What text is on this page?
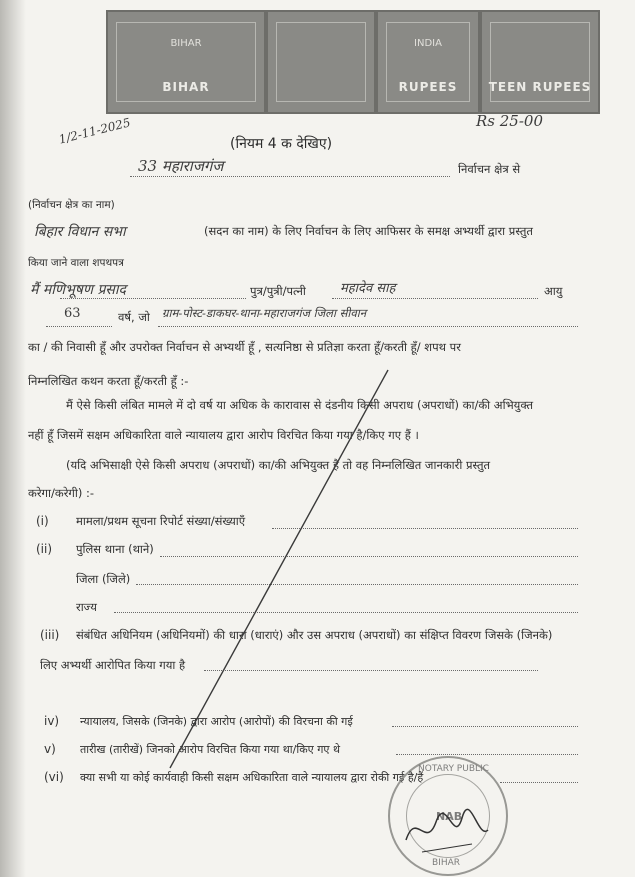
BIHAR
BIHAR
INDIA
RUPEES	TEEN RUPEES
Rs 25-00
1/2-11-2025	(नियम 4 क देखिए)
33 महाराजगंज	निर्वाचन क्षेत्र से
(निर्वाचन क्षेत्र का नाम)
बिहार विधान सभा	(सदन का नाम) के लिए निर्वाचन के लिए आफिसर के समक्ष अभ्यर्थी द्वारा प्रस्तुत
किया जाने वाला शपथपत्र
मैं मणिभूषण प्रसाद	पुत्र/पुत्री/पत्नी	महादेव साह	आयु
63	वर्ष, जो ग्राम-पोस्ट-डाकघर-थाना-महाराजगंज जिला सीवान
का / की निवासी हूँ और उपरोक्त निर्वाचन से अभ्यर्थी हूँ , सत्यनिष्ठा से प्रतिज्ञा करता हूँ/करती हूँ/ शपथ पर
निम्नलिखित कथन करता हूँ/करती हूँ :-
मैं ऐसे किसी लंबित मामले में दो वर्ष या अधिक के कारावास से दंडनीय किसी अपराध (अपराधों) का/की अभियुक्त
नहीं हूँ जिसमें सक्षम अधिकारिता वाले न्यायालय द्वारा आरोप विरचित किया गया है/किए गए हैं ।
(यदि अभिसाक्षी ऐसे किसी अपराध (अपराधों) का/की अभियुक्त है तो वह निम्नलिखित जानकारी प्रस्तुत
करेगा/करेगी) :-
(i) मामला/प्रथम सूचना रिपोर्ट संख्या/संख्याएँ
(ii) पुलिस थाना (थाने)
जिला (जिले)
राज्य
(iii) संबंधित अधिनियम (अधिनियमों) की धारा (धाराएं) और उस अपराध (अपराधों) का संक्षिप्त विवरण जिसके (जिनके)
लिए अभ्यर्थी आरोपित किया गया है
iv) न्यायालय, जिसके (जिनके) द्वारा आरोप (आरोपों) की विरचना की गई
v) तारीख (तारीखें) जिनको आरोप विरचित किया गया था/किए गए थे
(vi) क्या सभी या कोई कार्यवाही किसी सक्षम अधिकारिता वाले न्यायालय द्वारा रोकी गई है/हैं
NOTARY PUBLIC
NAB
BIHAR
